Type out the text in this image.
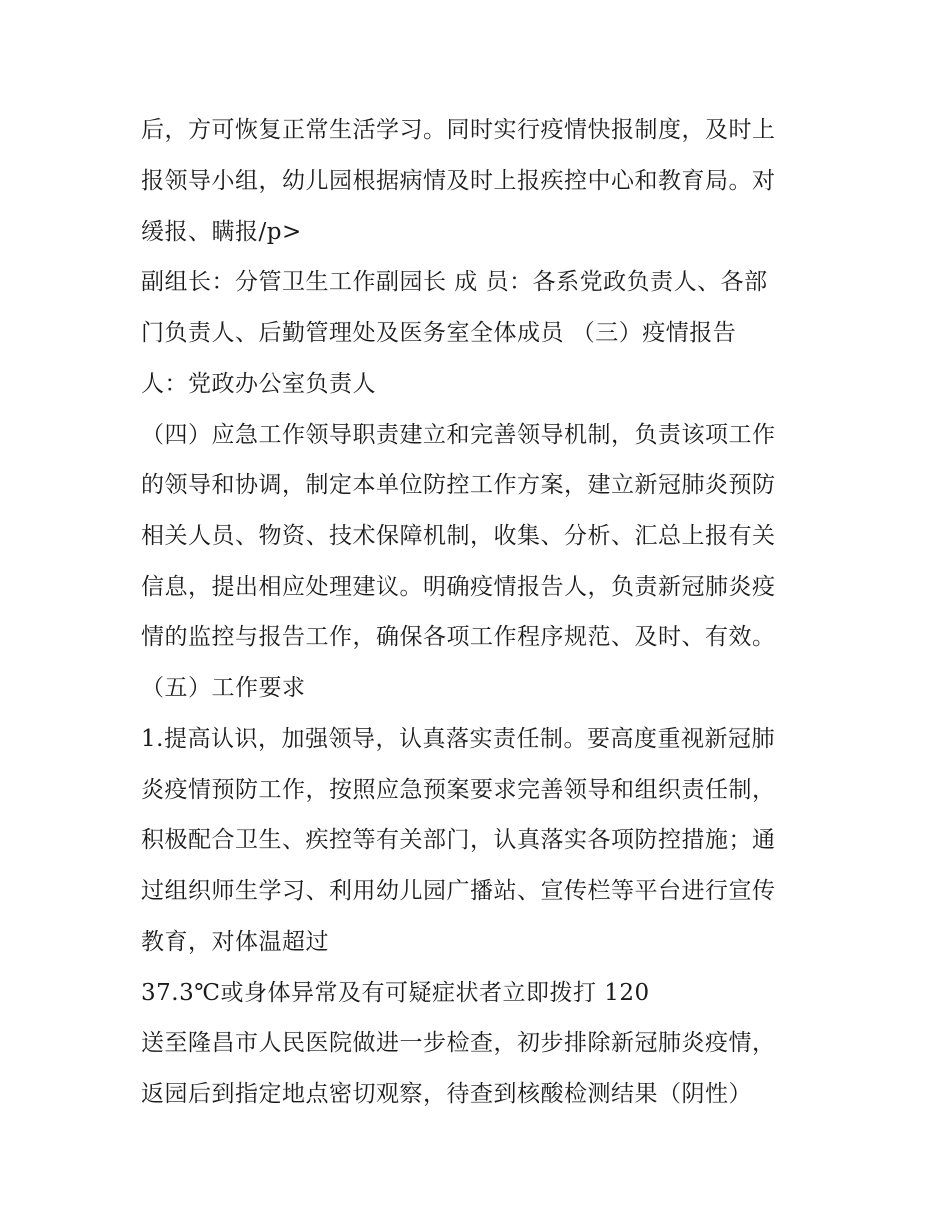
后，方可恢复正常生活学习。同时实行疫情快报制度，及时上
报领导小组，幼儿园根据病情及时上报疾控中心和教育局。对
缓报、瞒报/p>
副组长：分管卫生工作副园长 成 员：各系党政负责人、各部
门负责人、后勤管理处及医务室全体成员 （三）疫情报告
人：党政办公室负责人
（四）应急工作领导职责建立和完善领导机制，负责该项工作
的领导和协调，制定本单位防控工作方案，建立新冠肺炎预防
相关人员、物资、技术保障机制，收集、分析、汇总上报有关
信息，提出相应处理建议。明确疫情报告人，负责新冠肺炎疫
情的监控与报告工作，确保各项工作程序规范、及时、有效。
（五）工作要求
1.提高认识，加强领导，认真落实责任制。要高度重视新冠肺
炎疫情预防工作，按照应急预案要求完善领导和组织责任制，
积极配合卫生、疾控等有关部门，认真落实各项防控措施；通
过组织师生学习、利用幼儿园广播站、宣传栏等平台进行宣传
教育，对体温超过
37.3℃或身体异常及有可疑症状者立即拨打 120
送至隆昌市人民医院做进一步检查，初步排除新冠肺炎疫情，
返园后到指定地点密切观察，待查到核酸检测结果（阴性）
